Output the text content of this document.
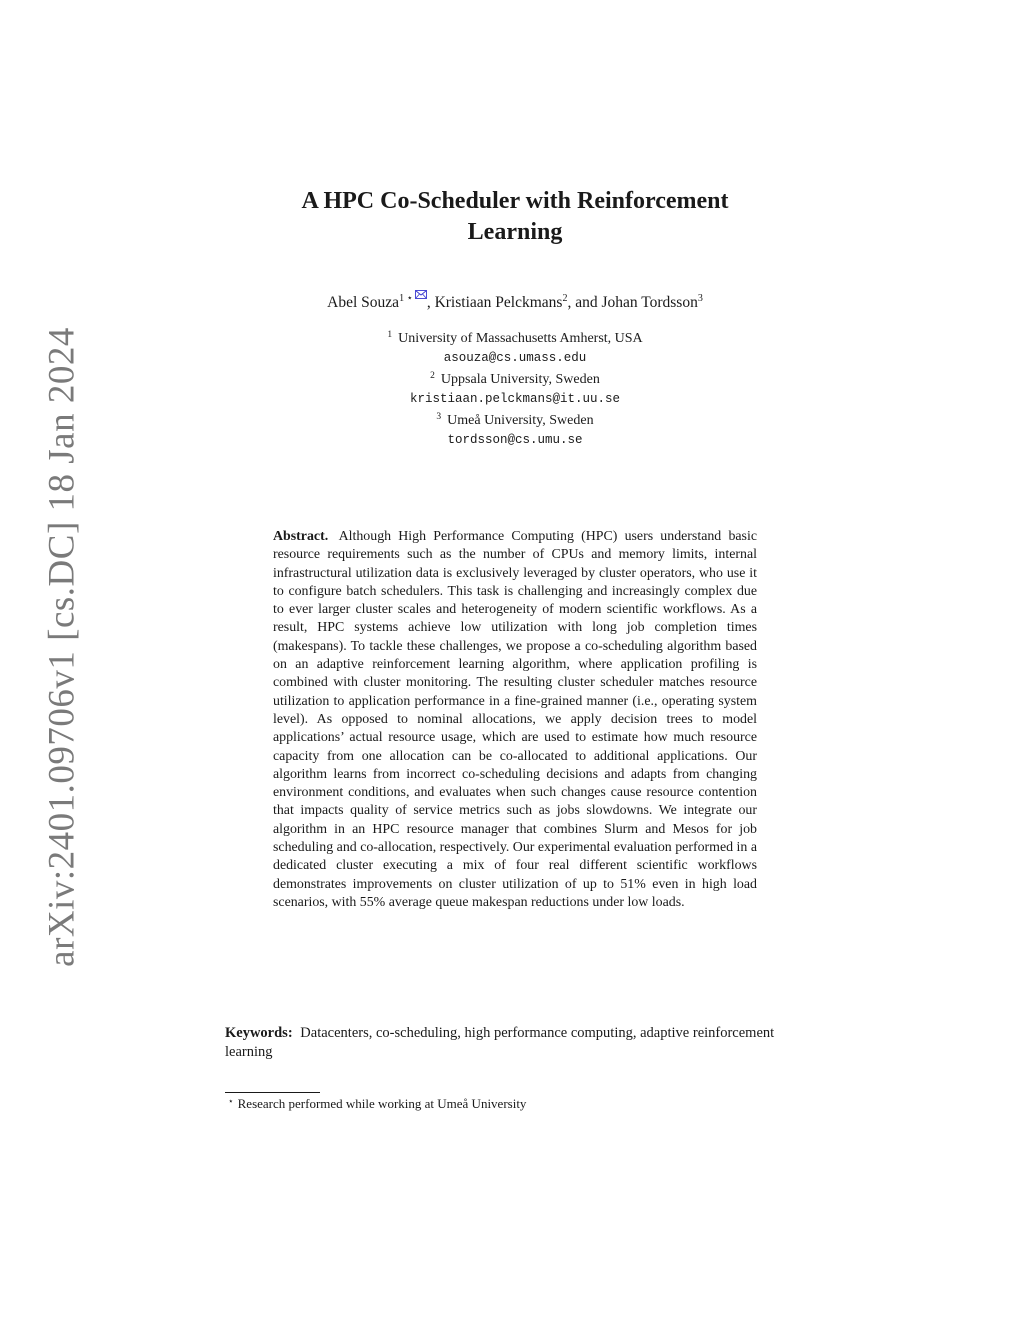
arXiv:2401.09706v1 [cs.DC] 18 Jan 2024
A HPC Co-Scheduler with Reinforcement
Learning
Abel Souza$^{1 ⋆}$ , Kristiaan Pelckmans$^2$, and Johan Tordsson$^3$
$^1$ University of Massachusetts Amherst, USA
asouza@cs.umass.edu
$^2$ Uppsala University, Sweden
kristiaan.pelckmans@it.uu.se
$^3$ Umeå University, Sweden
tordsson@cs.umu.se
Abstract. Although High Performance Computing (HPC) users understand basic resource requirements such as the number of CPUs and memory limits, internal infrastructural utilization data is exclusively leveraged by cluster operators, who use it to configure batch schedulers. This task is challenging and increasingly complex due to ever larger cluster scales and heterogeneity of modern scientific workflows. As a result, HPC systems achieve low utilization with long job completion times (makespans). To tackle these challenges, we propose a co-scheduling algorithm based on an adaptive reinforcement learning algorithm, where application profiling is combined with cluster monitoring. The resulting cluster scheduler matches resource utilization to application performance in a fine-grained manner (i.e., operating system level). As opposed to nominal allocations, we apply decision trees to model applications’ actual resource usage, which are used to estimate how much resource capacity from one allocation can be co-allocated to additional applications. Our algorithm learns from incorrect co-scheduling decisions and adapts from changing environment conditions, and evaluates when such changes cause resource contention that impacts quality of service metrics such as jobs slowdowns. We integrate our algorithm in an HPC resource manager that combines Slurm and Mesos for job scheduling and co-allocation, respectively. Our experimental evaluation performed in a dedicated cluster executing a mix of four real different scientific workflows demonstrates improvements on cluster utilization of up to 51% even in high load scenarios, with 55% average queue makespan reductions under low loads.
Keywords: Datacenters, co-scheduling, high performance computing, adaptive reinforcement learning
⋆ Research performed while working at Umeå University
